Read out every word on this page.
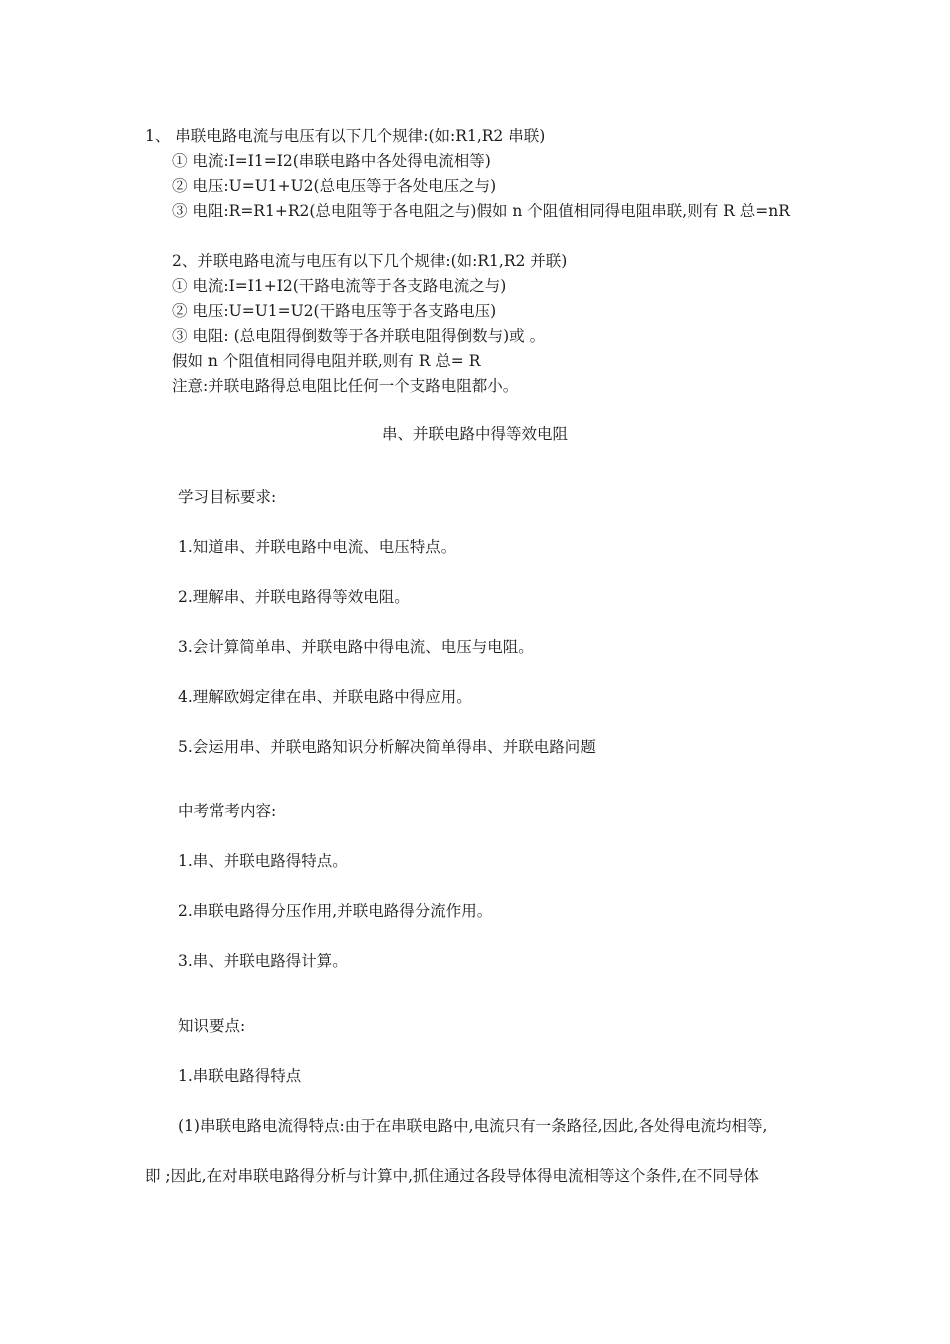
1、 串联电路电流与电压有以下几个规律:(如:R1,R2 串联)
① 电流:I=I1=I2(串联电路中各处得电流相等)
② 电压:U=U1+U2(总电压等于各处电压之与)
③ 电阻:R=R1+R2(总电阻等于各电阻之与)假如 n 个阻值相同得电阻串联,则有 R 总=nR
2、并联电路电流与电压有以下几个规律:(如:R1,R2 并联)
① 电流:I=I1+I2(干路电流等于各支路电流之与)
② 电压:U=U1=U2(干路电压等于各支路电压)
③ 电阻: (总电阻得倒数等于各并联电阻得倒数与)或 。
假如 n 个阻值相同得电阻并联,则有 R 总= R
注意:并联电路得总电阻比任何一个支路电阻都小。
串、并联电路中得等效电阻
学习目标要求:
1.知道串、并联电路中电流、电压特点。
2.理解串、并联电路得等效电阻。
3.会计算简单串、并联电路中得电流、电压与电阻。
4.理解欧姆定律在串、并联电路中得应用。
5.会运用串、并联电路知识分析解决简单得串、并联电路问题
中考常考内容:
1.串、并联电路得特点。
2.串联电路得分压作用,并联电路得分流作用。
3.串、并联电路得计算。
知识要点:
1.串联电路得特点
(1)串联电路电流得特点:由于在串联电路中,电流只有一条路径,因此,各处得电流均相等,
即 ;因此,在对串联电路得分析与计算中,抓住通过各段导体得电流相等这个条件,在不同导体
